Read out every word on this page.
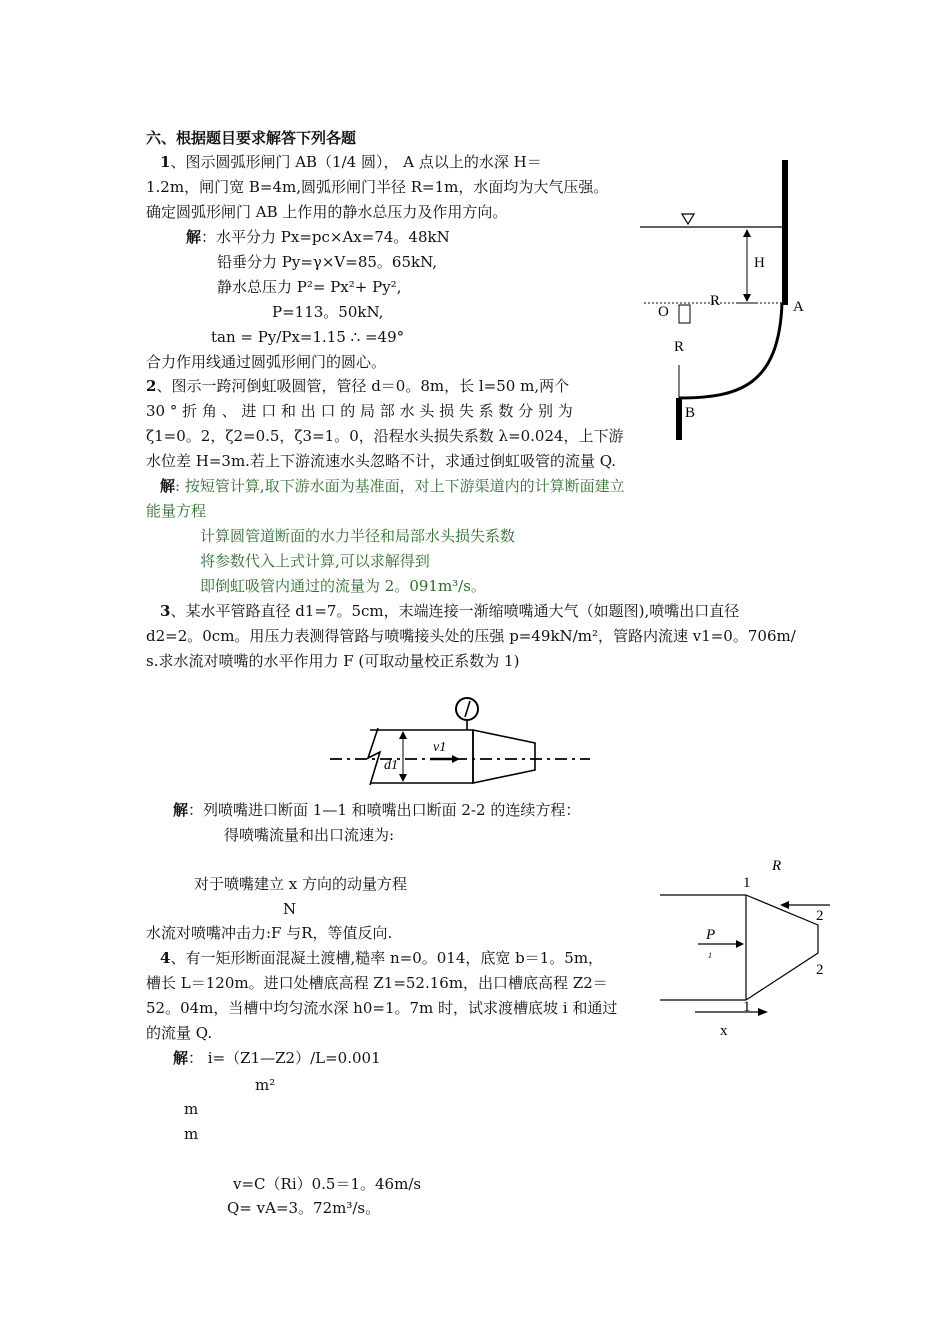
六、根据题目要求解答下列各题
1、图示圆弧形闸门 AB（1/4 圆）， A 点以上的水深 H＝
1.2m，闸门宽 B=4m,圆弧形闸门半径 R=1m，水面均为大气压强。
确定圆弧形闸门 AB 上作用的静水总压力及作用方向。
解：水平分力 Px=pc×Ax=74。48kN
铅垂分力 Py=γ×V=85。65kN,
静水总压力 P²= Px²+ Py²,
P=113。50kN,
tan = Py/Px=1.15 ∴ =49°
合力作用线通过圆弧形闸门的圆心。
H
R
O	A
R
B
2、图示一跨河倒虹吸圆管，管径 d＝0。8m，长 l=50 m,两个
30 ° 折 角 、 进 口 和 出 口 的 局 部 水 头 损 失 系 数 分 别 为
ζ1=0。2，ζ2=0.5，ζ3=1。0，沿程水头损失系数 λ=0.024，上下游
水位差 H=3m.若上下游流速水头忽略不计，求通过倒虹吸管的流量 Q.
解: 按短管计算,取下游水面为基准面，对上下游渠道内的计算断面建立
能量方程
计算圆管道断面的水力半径和局部水头损失系数
将参数代入上式计算,可以求解得到
即倒虹吸管内通过的流量为 2。091m³/s。
3、某水平管路直径 d1=7。5cm，末端连接一渐缩喷嘴通大气（如题图),喷嘴出口直径
d2=2。0cm。用压力表测得管路与喷嘴接头处的压强 p=49kN/m²，管路内流速 v1=0。706m/
s.求水流对喷嘴的水平作用力 F (可取动量校正系数为 1)
d1
v1
解：列喷嘴进口断面 1—1 和喷嘴出口断面 2-2 的连续方程：
得喷嘴流量和出口流速为:
对于喷嘴建立 x 方向的动量方程
N
水流对喷嘴冲击力:F 与R，等值反向.
R
1
2
2
P
1
1
x
4、有一矩形断面混凝土渡槽,糙率 n=0。014，底宽 b＝1。5m，
槽长 L＝120m。进口处槽底高程 Z1=52.16m，出口槽底高程 Z2＝
52。04m，当槽中均匀流水深 h0=1。7m 时，试求渡槽底坡 i 和通过
的流量 Q.
解： i=（Z1—Z2）/L=0.001
m²
m
m
v=C（Ri）0.5＝1。46m/s
Q= vA=3。72m³/s。
